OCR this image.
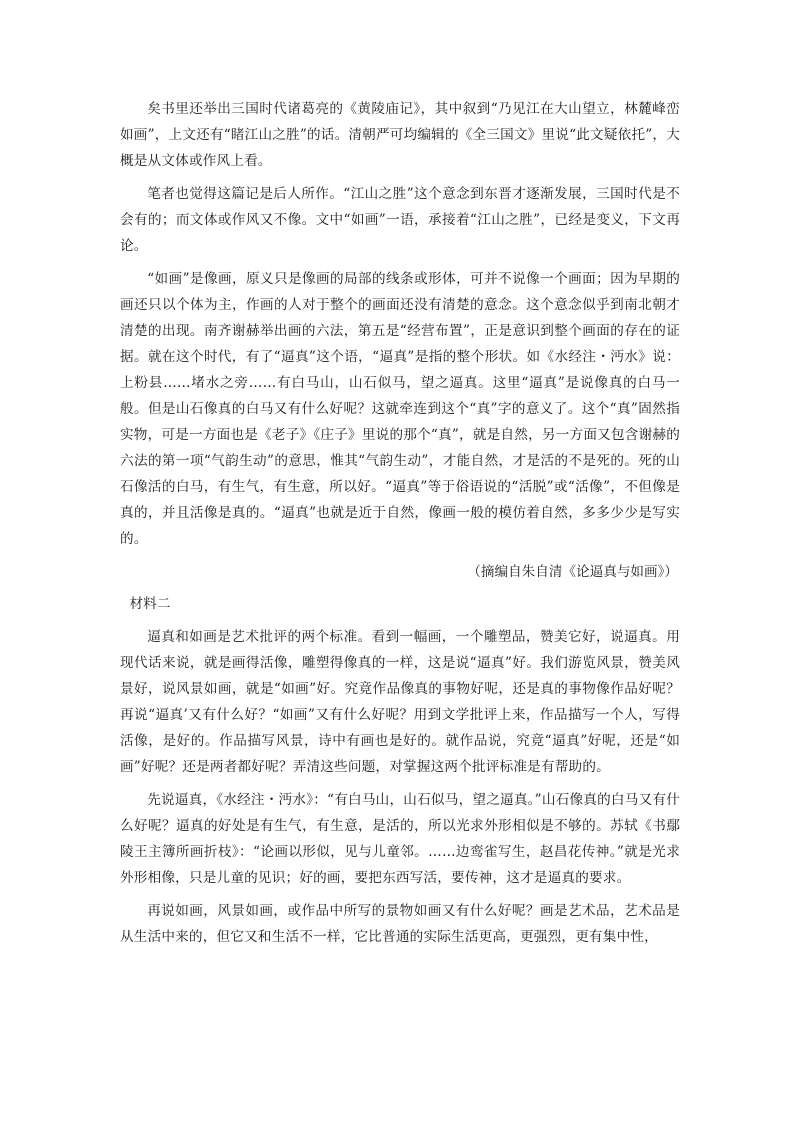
矣书里还举出三国时代诸葛亮的《黄陵庙记》，其中叙到“乃见江在大山望立，林麓峰峦如画”，上文还有“睹江山之胜”的话。清朝严可均编辑的《全三国文》里说“此文疑依托”，大概是从文体或作风上看。

笔者也觉得这篇记是后人所作。“江山之胜”这个意念到东晋才逐渐发展，三国时代是不会有的；而文体或作风又不像。文中“如画”一语，承接着“江山之胜”，已经是变义，下文再论。

“如画”是像画，原义只是像画的局部的线条或形体，可并不说像一个画面；因为早期的画还只以个体为主，作画的人对于整个的画面还没有清楚的意念。这个意念似乎到南北朝才清楚的出现。南齐谢赫举出画的六法，第五是“经营布置”，正是意识到整个画面的存在的证据。就在这个时代，有了“逼真”这个语，“逼真”是指的整个形状。如《水经注・沔水》说：上粉县……堵水之旁……有白马山，山石似马，望之逼真。这里“逼真”是说像真的白马一般。但是山石像真的白马又有什么好呢？这就牵连到这个“真”字的意义了。这个“真”固然指实物，可是一方面也是《老子》《庄子》里说的那个“真”，就是自然，另一方面又包含谢赫的六法的第一项“气韵生动”的意思，惟其“气韵生动”，才能自然，才是活的不是死的。死的山石像活的白马，有生气，有生意，所以好。“逼真”等于俗语说的“活脱”或“活像”，不但像是真的，并且活像是真的。“逼真”也就是近于自然，像画一般的模仿着自然，多多少少是写实的。

（摘编自朱自清《论逼真与如画》）

材料二

逼真和如画是艺术批评的两个标准。看到一幅画，一个雕塑品，赞美它好，说逼真。用现代话来说，就是画得活像，雕塑得像真的一样，这是说“逼真”好。我们游览风景，赞美风景好，说风景如画，就是“如画”好。究竟作品像真的事物好呢，还是真的事物像作品好呢？再说“逼真’又有什么好？“如画”又有什么好呢？用到文学批评上来，作品描写一个人，写得活像，是好的。作品描写风景，诗中有画也是好的。就作品说，究竟“逼真”好呢，还是“如画”好呢？还是两者都好呢？弄清这些问题，对掌握这两个批评标准是有帮助的。

先说逼真，《水经注・沔水》：“有白马山，山石似马，望之逼真。”山石像真的白马又有什么好呢？逼真的好处是有生气，有生意，是活的，所以光求外形相似是不够的。苏轼《书鄢陵王主簿所画折枝》：“论画以形似，见与儿童邻。……边鸾雀写生，赵昌花传神。”就是光求外形相像，只是儿童的见识；好的画，要把东西写活，要传神，这才是逼真的要求。

再说如画，风景如画，或作品中所写的景物如画又有什么好呢？画是艺术品，艺术品是从生活中来的，但它又和生活不一样，它比普通的实际生活更高，更强烈，更有集中性，
